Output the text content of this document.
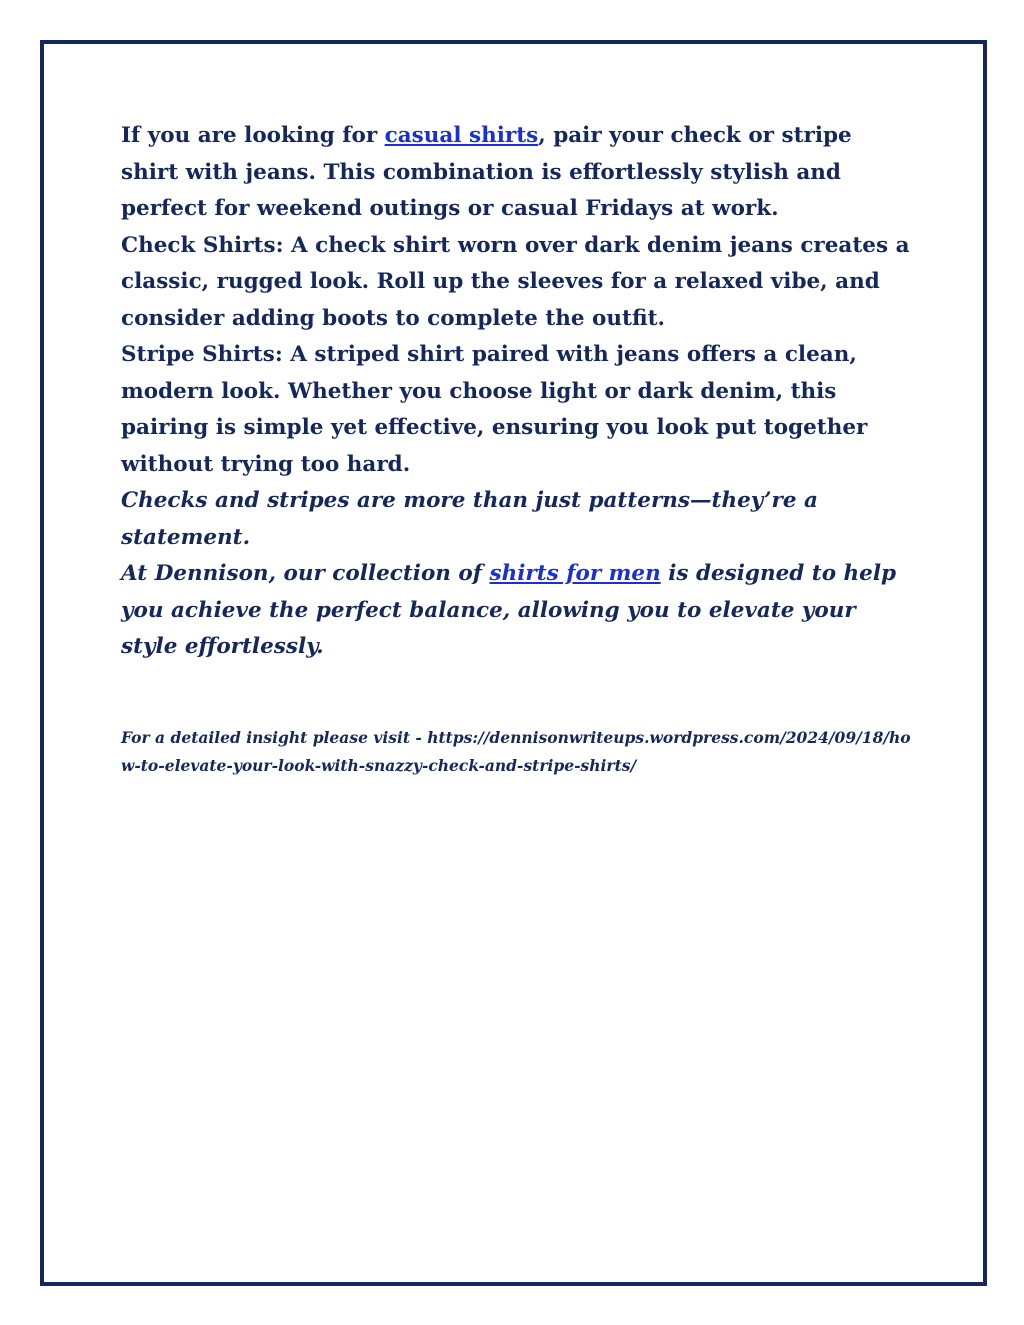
If you are looking for casual shirts, pair your check or stripe shirt with jeans. This combination is effortlessly stylish and perfect for weekend outings or casual Fridays at work.

Check Shirts: A check shirt worn over dark denim jeans creates a classic, rugged look. Roll up the sleeves for a relaxed vibe, and consider adding boots to complete the outfit.

Stripe Shirts: A striped shirt paired with jeans offers a clean, modern look. Whether you choose light or dark denim, this pairing is simple yet effective, ensuring you look put together without trying too hard.

Checks and stripes are more than just patterns—they’re a statement.

At Dennison, our collection of shirts for men is designed to help you achieve the perfect balance, allowing you to elevate your style effortlessly.

For a detailed insight please visit - https://dennisonwriteups.wordpress.com/2024/09/18/how-to-elevate-your-look-with-snazzy-check-and-stripe-shirts/
